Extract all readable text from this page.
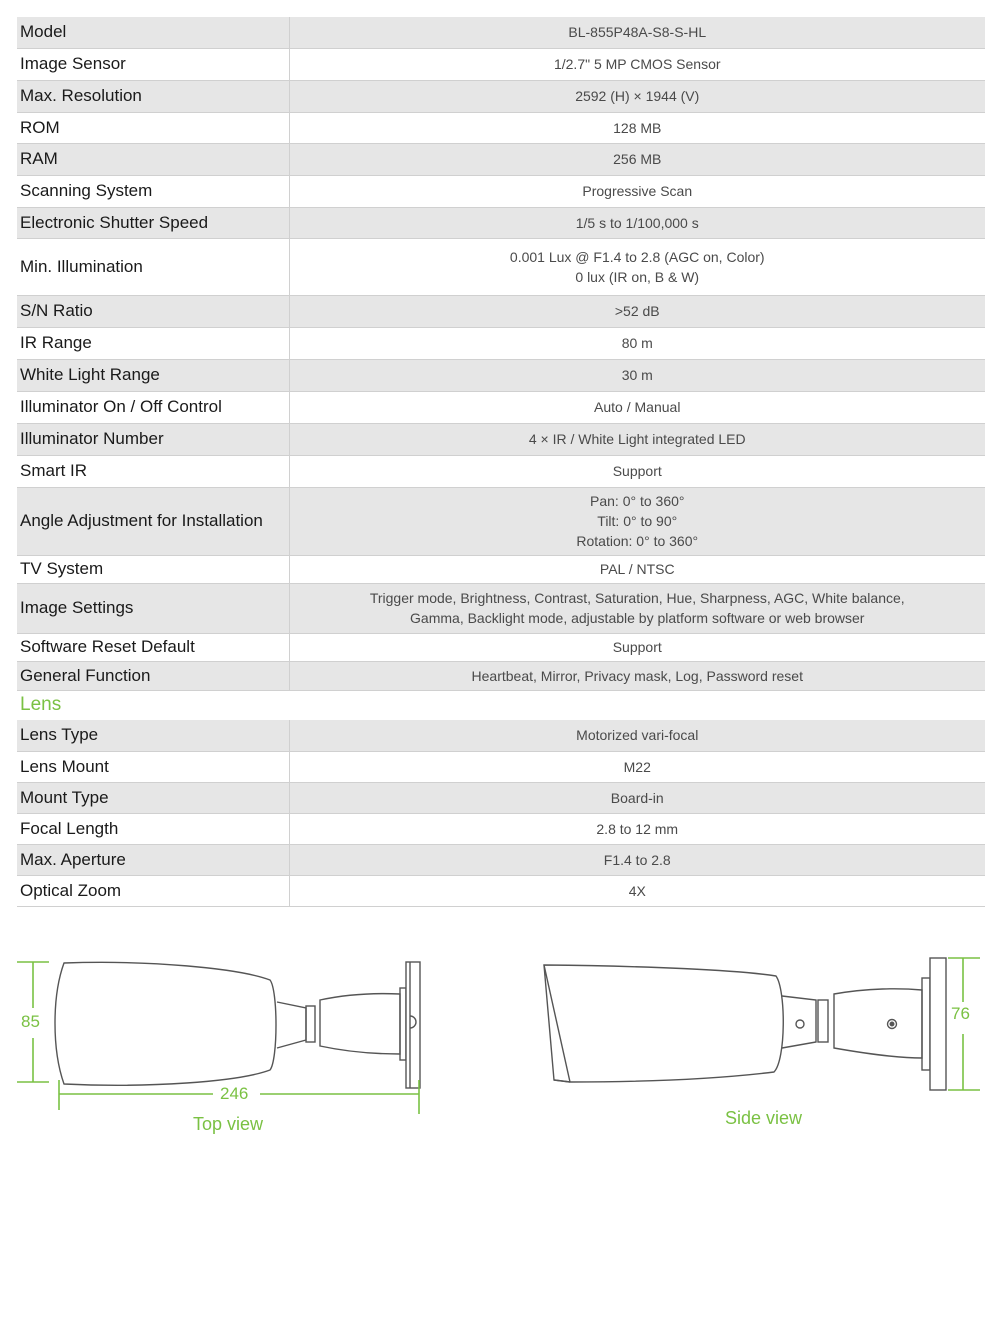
Model	BL-855P48A-S8-S-HL
Image Sensor	1/2.7" 5 MP CMOS Sensor
Max. Resolution	2592 (H) × 1944 (V)
ROM	128 MB
RAM	256 MB
Scanning System	Progressive Scan
Electronic Shutter Speed	1/5 s to 1/100,000 s
Min. Illumination	0.001 Lux @ F1.4 to 2.8 (AGC on, Color)
0 lux (IR on, B & W)
S/N Ratio	>52 dB
IR Range	80 m
White Light Range	30 m
Illuminator On / Off Control	Auto / Manual
Illuminator Number	4 × IR / White Light integrated LED
Smart IR	Support
Angle Adjustment for Installation	Pan: 0° to 360°
Tilt: 0° to 90°
Rotation: 0° to 360°
TV System	PAL / NTSC
Image Settings	Trigger mode, Brightness, Contrast, Saturation, Hue, Sharpness, AGC, White balance,
Gamma, Backlight mode, adjustable by platform software or web browser
Software Reset Default	Support
General Function	Heartbeat, Mirror, Privacy mask, Log, Password reset
Lens	
Lens Type	Motorized vari-focal
Lens Mount	M22
Mount Type	Board-in
Focal Length	2.8 to 12 mm
Max. Aperture	F1.4 to 2.8
Optical Zoom	4X
85
246
Top view
76
Side view
